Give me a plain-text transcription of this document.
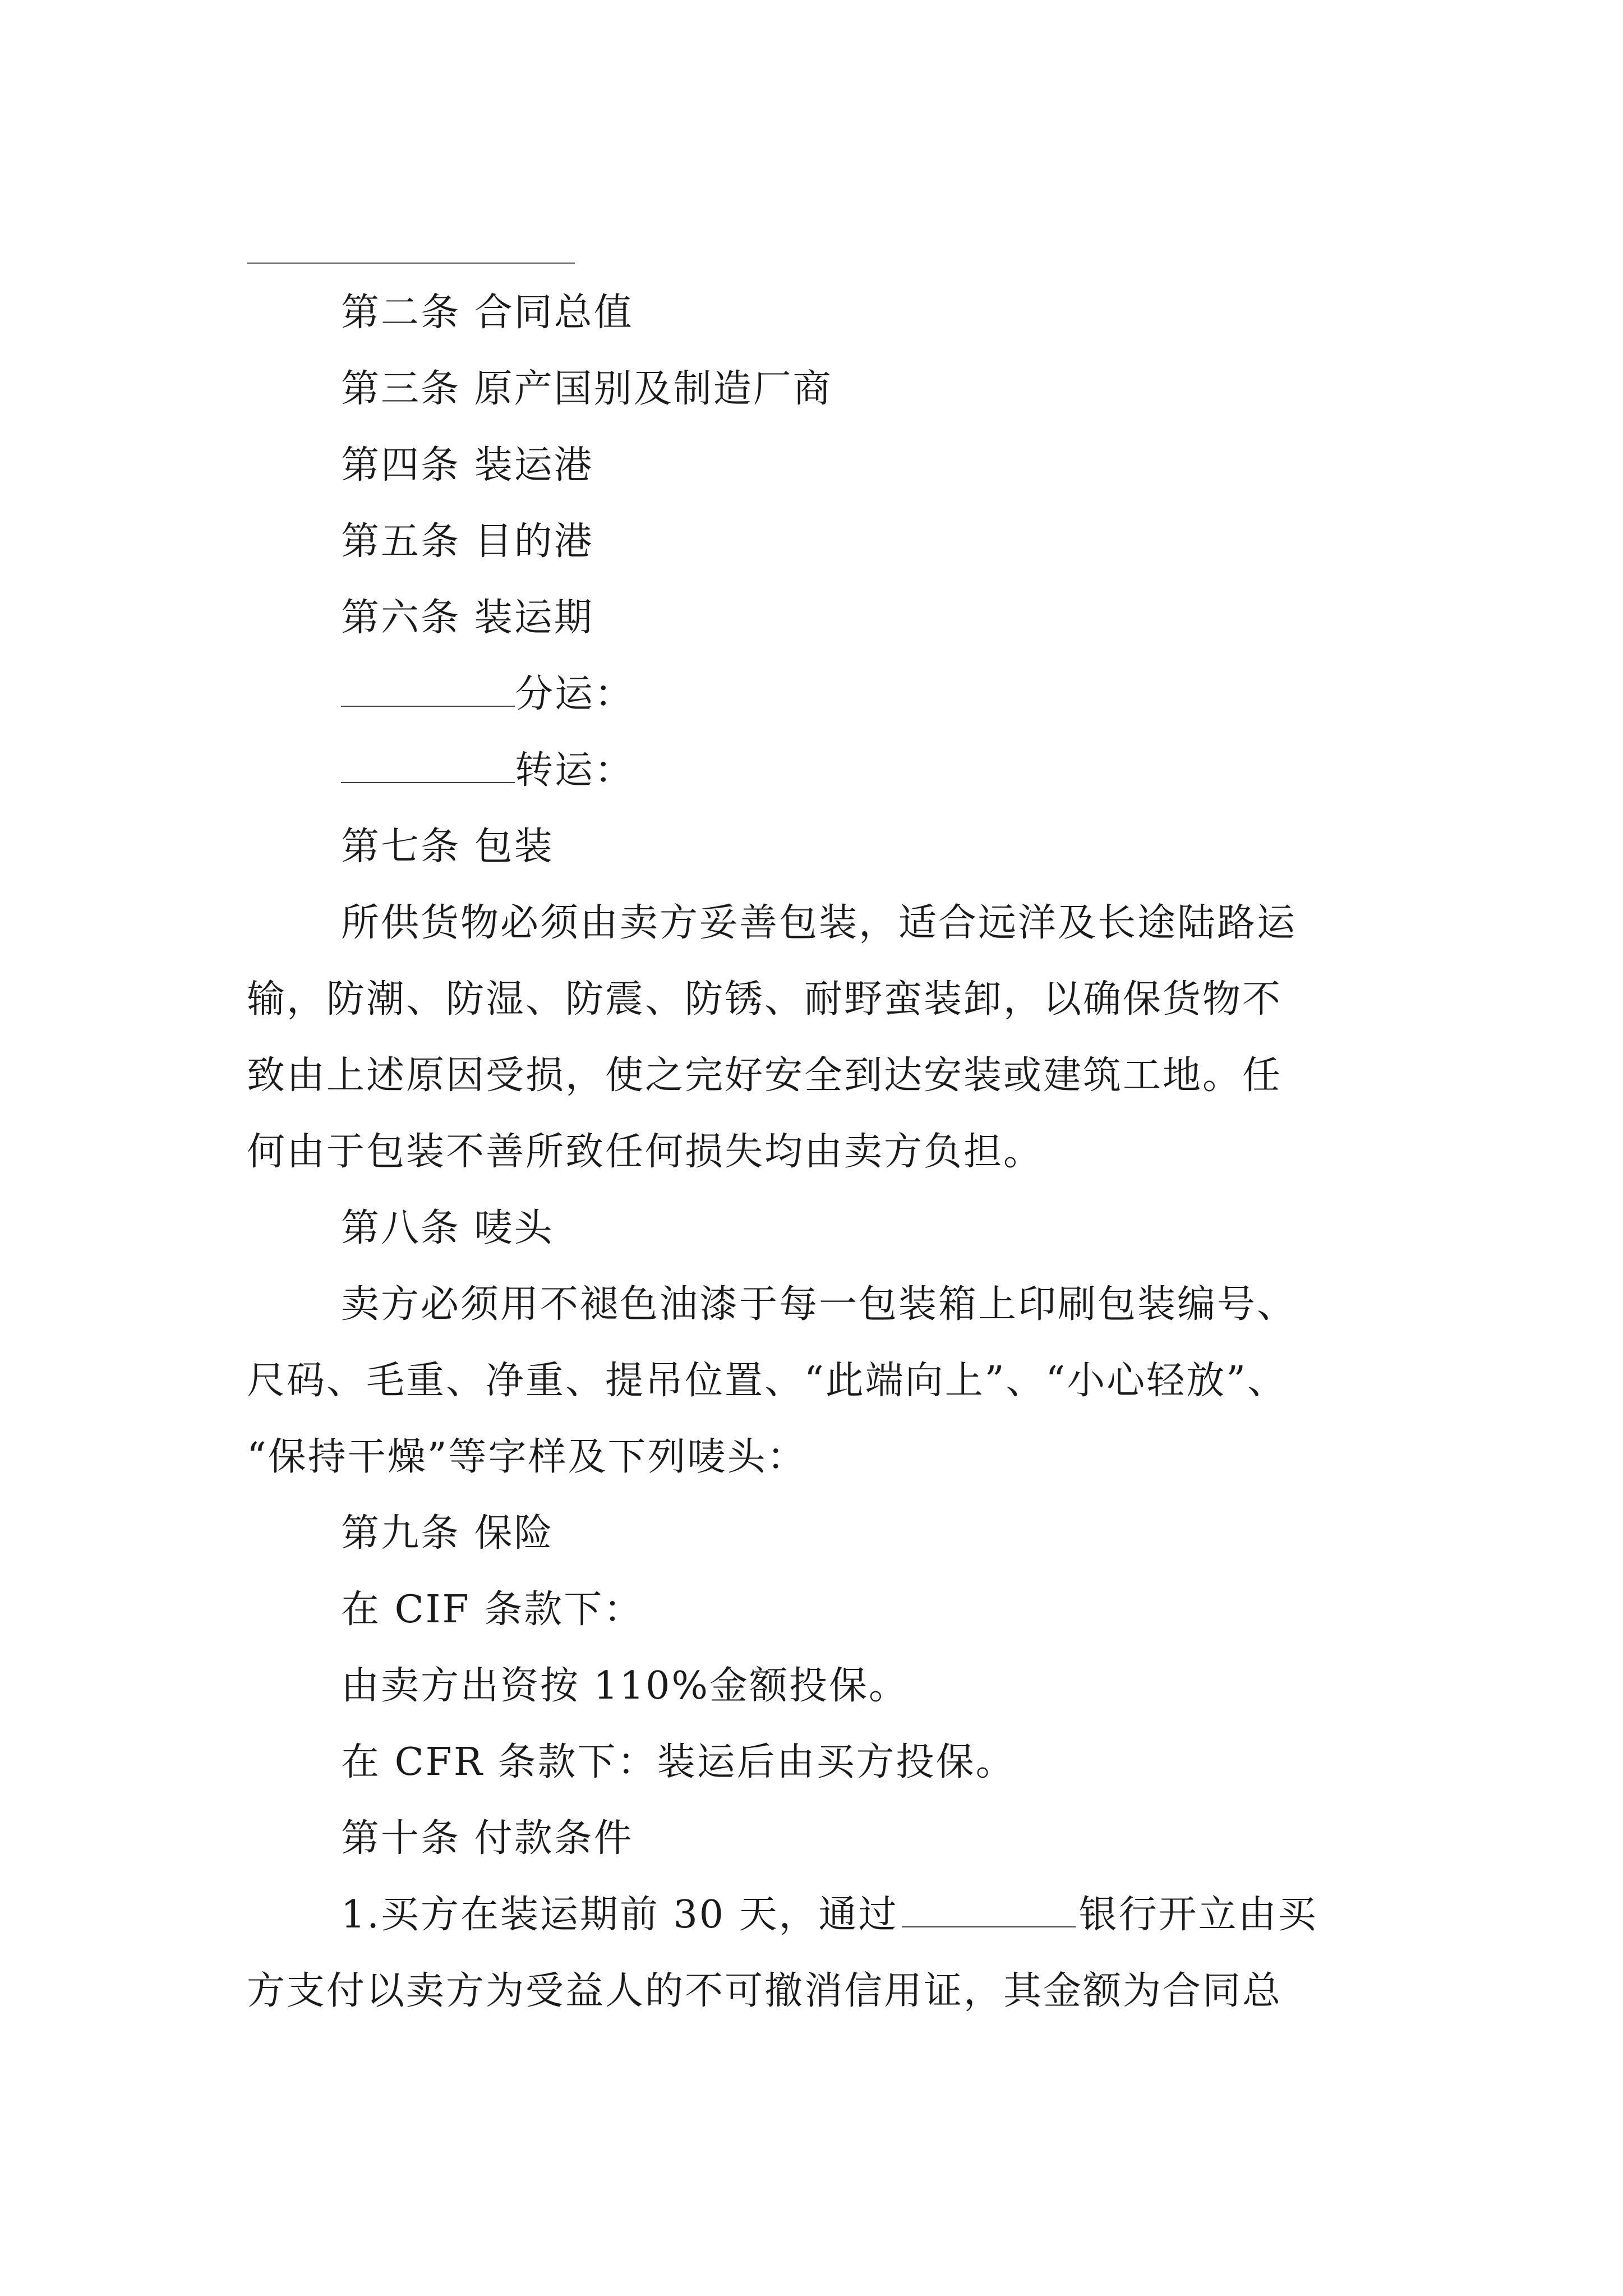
第二条 合同总值
第三条 原产国别及制造厂商
第四条 装运港
第五条 目的港
第六条 装运期
分运：
转运：
第七条 包装
所供货物必须由卖方妥善包装，适合远洋及长途陆路运
输，防潮、防湿、防震、防锈、耐野蛮装卸，以确保货物不
致由上述原因受损，使之完好安全到达安装或建筑工地。任
何由于包装不善所致任何损失均由卖方负担。
第八条 唛头
卖方必须用不褪色油漆于每一包装箱上印刷包装编号、
尺码、毛重、净重、提吊位置、“此端向上”、“小心轻放”、
“保持干燥”等字样及下列唛头：
第九条 保险
在 CIF 条款下：
由卖方出资按 110%金额投保。
在 CFR 条款下：装运后由买方投保。
第十条 付款条件
1.买方在装运期前 30 天，通过	银行开立由买
方支付以卖方为受益人的不可撤消信用证，其金额为合同总
